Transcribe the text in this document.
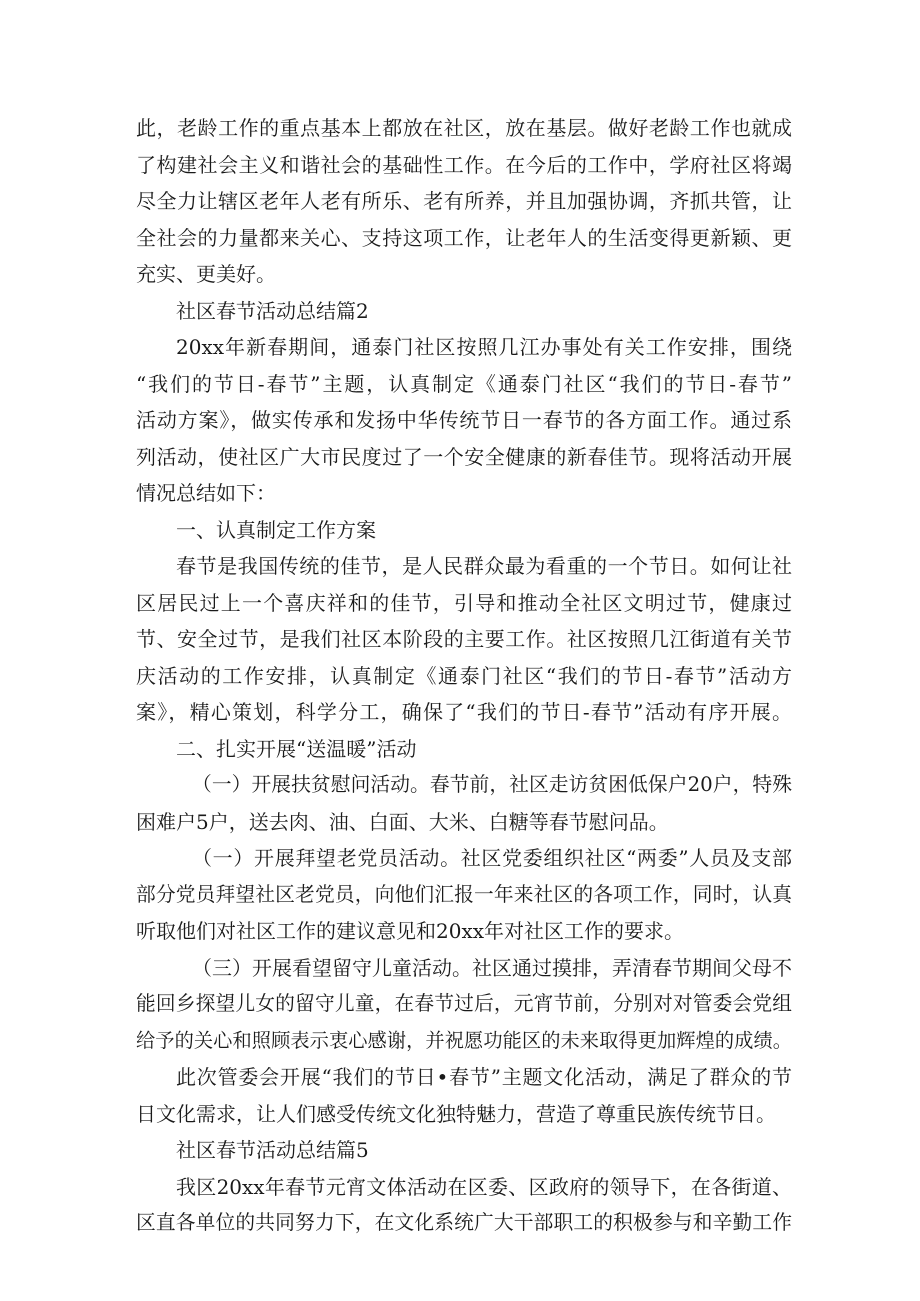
此，老龄工作的重点基本上都放在社区，放在基层。做好老龄工作也就成
了构建社会主义和谐社会的基础性工作。在今后的工作中，学府社区将竭
尽全力让辖区老年人老有所乐、老有所养，并且加强协调，齐抓共管，让
全社会的力量都来关心、支持这项工作，让老年人的生活变得更新颖、更
充实、更美好。
社区春节活动总结篇2
20xx年新春期间，通泰门社区按照几江办事处有关工作安排，围绕
“我们的节日-春节”主题，认真制定《通泰门社区“我们的节日-春节”
活动方案》，做实传承和发扬中华传统节日一春节的各方面工作。通过系
列活动，使社区广大市民度过了一个安全健康的新春佳节。现将活动开展
情况总结如下：
一、认真制定工作方案
春节是我国传统的佳节，是人民群众最为看重的一个节日。如何让社
区居民过上一个喜庆祥和的佳节，引导和推动全社区文明过节，健康过
节、安全过节，是我们社区本阶段的主要工作。社区按照几江街道有关节
庆活动的工作安排，认真制定《通泰门社区“我们的节日-春节”活动方
案》，精心策划，科学分工，确保了“我们的节日-春节”活动有序开展。
二、扎实开展“送温暖”活动
（一）开展扶贫慰问活动。春节前，社区走访贫困低保户20户，特殊
困难户5户，送去肉、油、白面、大米、白糖等春节慰问品。
（一）开展拜望老党员活动。社区党委组织社区“两委”人员及支部
部分党员拜望社区老党员，向他们汇报一年来社区的各项工作，同时，认真
听取他们对社区工作的建议意见和20xx年对社区工作的要求。
（三）开展看望留守儿童活动。社区通过摸排，弄清春节期间父母不
能回乡探望儿女的留守儿童，在春节过后，元宵节前，分别对对管委会党组
给予的关心和照顾表示衷心感谢，并祝愿功能区的未来取得更加辉煌的成绩。
此次管委会开展“我们的节日•春节”主题文化活动，满足了群众的节
日文化需求，让人们感受传统文化独特魅力，营造了尊重民族传统节日。
社区春节活动总结篇5
我区20xx年春节元宵文体活动在区委、区政府的领导下，在各街道、
区直各单位的共同努力下，在文化系统广大干部职工的积极参与和辛勤工作
